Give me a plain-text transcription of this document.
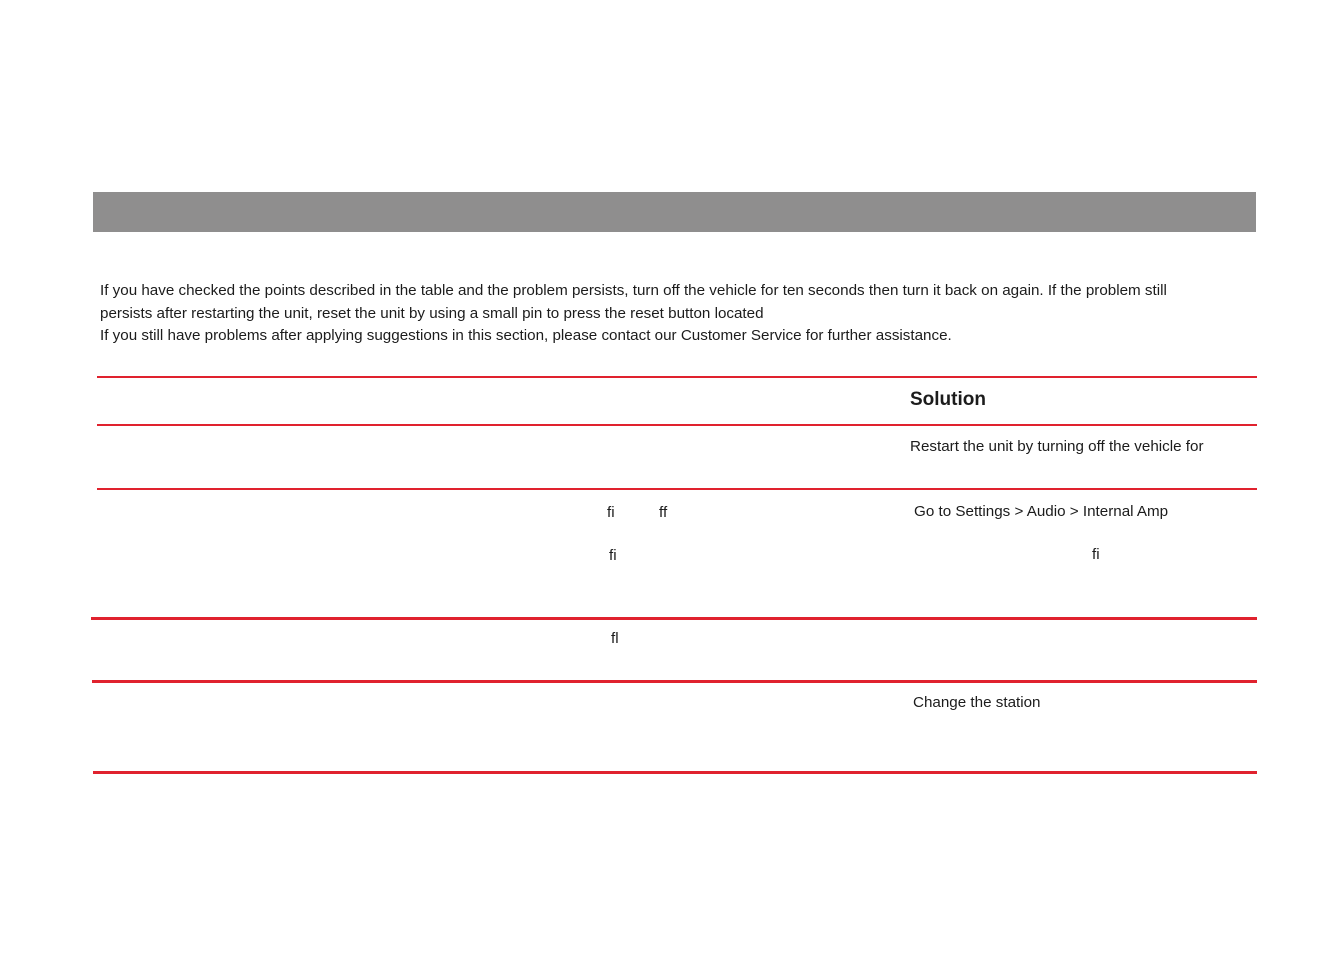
If you have checked the points described in the table and the problem persists, turn off the vehicle for ten seconds then turn it back on again. If the problem still

persists after restarting the unit, reset the unit by using a small pin to press the reset button located

If you still have problems after applying suggestions in this section, please contact our Customer Service for further assistance.

Solution
Restart the unit by turning off the vehicle for
fi	ff
fi
Go to Settings > Audio > Internal Amp
fi
fl
Change the station
